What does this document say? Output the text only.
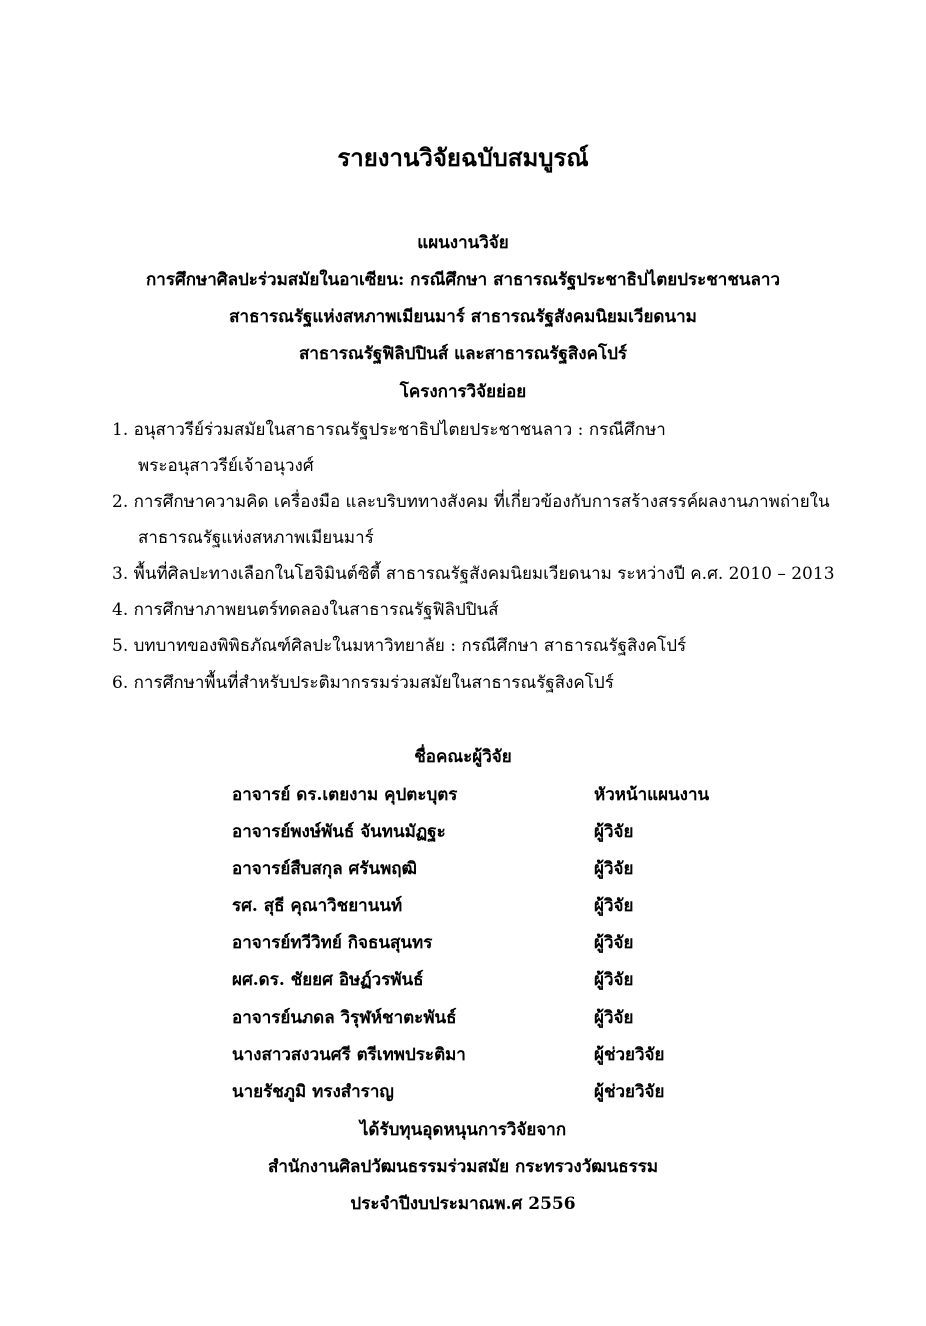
รายงานวิจัยฉบับสมบูรณ์
แผนงานวิจัย
การศึกษาศิลปะร่วมสมัยในอาเซียน: กรณีศึกษา สาธารณรัฐประชาธิปไตยประชาชนลาว
สาธารณรัฐแห่งสหภาพเมียนมาร์ สาธารณรัฐสังคมนิยมเวียดนาม
สาธารณรัฐฟิลิปปินส์ และสาธารณรัฐสิงคโปร์
โครงการวิจัยย่อย
1. อนุสาวรีย์ร่วมสมัยในสาธารณรัฐประชาธิปไตยประชาชนลาว : กรณีศึกษา
พระอนุสาวรีย์เจ้าอนุวงศ์
2. การศึกษาความคิด เครื่องมือ และบริบททางสังคม ที่เกี่ยวข้องกับการสร้างสรรค์ผลงานภาพถ่ายใน
สาธารณรัฐแห่งสหภาพเมียนมาร์
3. พื้นที่ศิลปะทางเลือกในโฮจิมินต์ซิตี้ สาธารณรัฐสังคมนิยมเวียดนาม ระหว่างปี ค.ศ. 2010 – 2013
4. การศึกษาภาพยนตร์ทดลองในสาธารณรัฐฟิลิปปินส์
5. บทบาทของพิพิธภัณฑ์ศิลปะในมหาวิทยาลัย : กรณีศึกษา สาธารณรัฐสิงคโปร์
6. การศึกษาพื้นที่สำหรับประติมากรรมร่วมสมัยในสาธารณรัฐสิงคโปร์
ชื่อคณะผู้วิจัย
อาจารย์ ดร.เตยงาม คุปตะบุตร	หัวหน้าแผนงาน
อาจารย์พงษ์พันธ์ จันทนมัฏฐะ	ผู้วิจัย
อาจารย์สืบสกุล ศรันพฤฒิ	ผู้วิจัย
รศ. สุธี คุณาวิชยานนท์	ผู้วิจัย
อาจารย์ทวีวิทย์ กิจธนสุนทร	ผู้วิจัย
ผศ.ดร. ชัยยศ อิษฏ์วรพันธ์	ผู้วิจัย
อาจารย์นภดล วิรุฬห์ชาตะพันธ์	ผู้วิจัย
นางสาวสงวนศรี ตรีเทพประติมา	ผู้ช่วยวิจัย
นายรัชภูมิ ทรงสำราญ	ผู้ช่วยวิจัย
ได้รับทุนอุดหนุนการวิจัยจาก
สำนักงานศิลปวัฒนธรรมร่วมสมัย กระทรวงวัฒนธรรม
ประจำปีงบประมาณพ.ศ 2556
